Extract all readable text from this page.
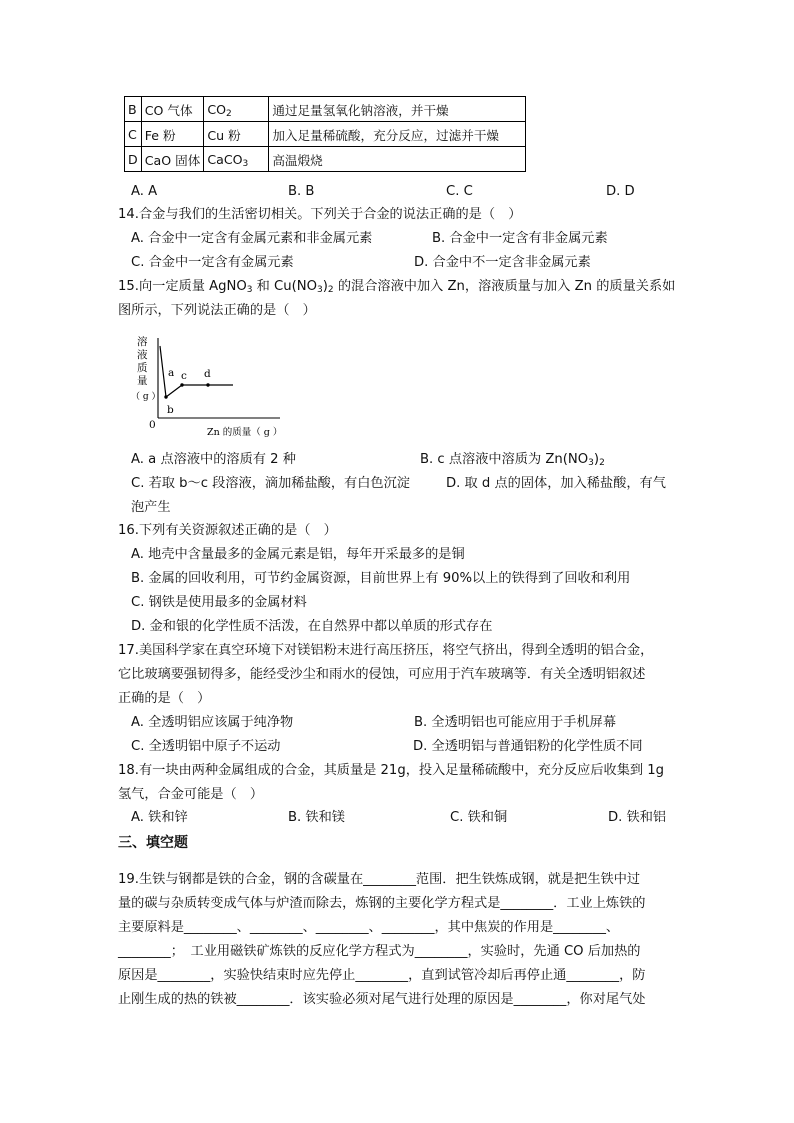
B	CO 气体	$CO_2$	通过足量氢氧化钠溶液，并干燥
C	Fe 粉	Cu 粉	加入足量稀硫酸，充分反应，过滤并干燥
D	CaO 固体	CaCO$_3$	高温煅烧
A. A	B. B	C. C	D. D
14.合金与我们的生活密切相关。下列关于合金的说法正确的是（　）
A. 合金中一定含有金属元素和非金属元素	B. 合金中一定含有非金属元素
C. 合金中一定含有金属元素	D. 合金中不一定含非金属元素
15.向一定质量 AgNO$_3$ 和 $Cu(NO_3)_2$ 的混合溶液中加入 Zn，溶液质量与加入 Zn 的质量关系如
图所示，下列说法正确的是（　）
溶
液
质
量
（ g ）
0
Zn 的质量（ g ）
a
b
c d
A. a 点溶液中的溶质有 2 种	B. c 点溶液中溶质为 $Zn(NO_3)_2$
C. 若取 b～c 段溶液，滴加稀盐酸，有白色沉淀	D. 取 d 点的固体，加入稀盐酸，有气
泡产生
16.下列有关资源叙述正确的是（　）
A. 地壳中含量最多的金属元素是铝，每年开采最多的是铜
B. 金属的回收利用，可节约金属资源，目前世界上有 90%以上的铁得到了回收和利用
C. 钢铁是使用最多的金属材料
D. 金和银的化学性质不活泼，在自然界中都以单质的形式存在
17.美国科学家在真空环境下对镁铝粉末进行高压挤压，将空气挤出，得到全透明的铝合金，
它比玻璃要强韧得多，能经受沙尘和雨水的侵蚀，可应用于汽车玻璃等．有关全透明铝叙述
正确的是（　）
A. 全透明铝应该属于纯净物	B. 全透明铝也可能应用于手机屏幕
C. 全透明铝中原子不运动	D. 全透明铝与普通铝粉的化学性质不同
18.有一块由两种金属组成的合金，其质量是 21g，投入足量稀硫酸中，充分反应后收集到 1g
氢气，合金可能是（　）
A. 铁和锌	B. 铁和镁	C. 铁和铜	D. 铁和铝
三、填空题
19.生铁与钢都是铁的合金，钢的含碳量在________范围．把生铁炼成钢，就是把生铁中过
量的碳与杂质转变成气体与炉渣而除去，炼钢的主要化学方程式是________．工业上炼铁的
主要原料是________、________、________、________，其中焦炭的作用是________、
________；　工业用磁铁矿炼铁的反应化学方程式为________，实验时，先通 CO 后加热的
原因是________，实验快结束时应先停止________，直到试管冷却后再停止通________，防
止刚生成的热的铁被________．该实验必须对尾气进行处理的原因是________，你对尾气处
